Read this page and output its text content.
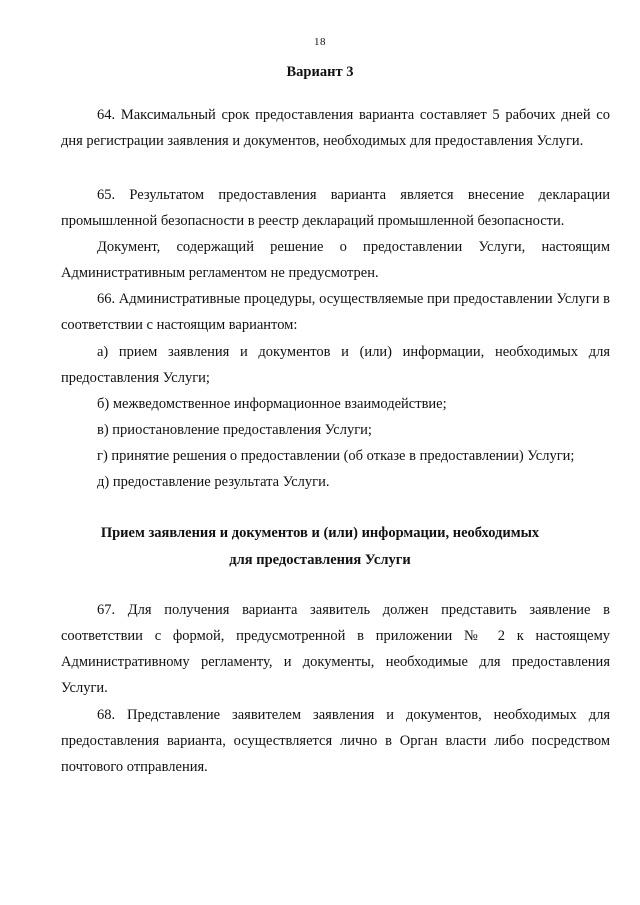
18
Вариант 3

64. Максимальный срок предоставления варианта составляет 5 рабочих дней со дня регистрации заявления и документов, необходимых для предоставления Услуги.

65. Результатом предоставления варианта является внесение декларации промышленной безопасности в реестр деклараций промышленной безопасности.

Документ, содержащий решение о предоставлении Услуги, настоящим Административным регламентом не предусмотрен.

66. Административные процедуры, осуществляемые при предоставлении Услуги в соответствии с настоящим вариантом:

а) прием заявления и документов и (или) информации, необходимых для предоставления Услуги;

б) межведомственное информационное взаимодействие;

в) приостановление предоставления Услуги;

г) принятие решения о предоставлении (об отказе в предоставлении) Услуги;

д) предоставление результата Услуги.

Прием заявления и документов и (или) информации, необходимых
для предоставления Услуги

67. Для получения варианта заявитель должен представить заявление в соответствии с формой, предусмотренной в приложении № 2 к настоящему Административному регламенту, и документы, необходимые для предоставления Услуги.

68. Представление заявителем заявления и документов, необходимых для предоставления варианта, осуществляется лично в Орган власти либо посредством почтового отправления.
